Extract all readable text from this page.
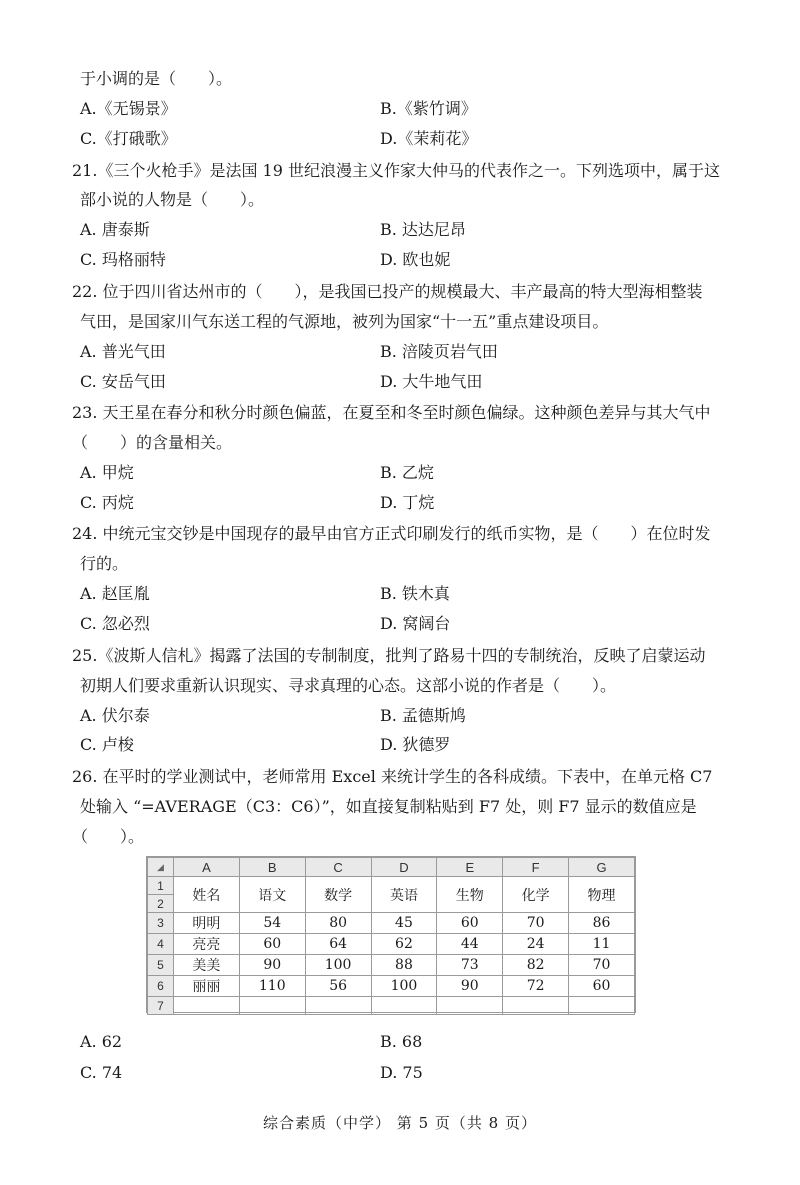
于小调的是（　　）。
A.《无锡景》	B.《紫竹调》
C.《打硪歌》	D.《茉莉花》
21.《三个火枪手》是法国 19 世纪浪漫主义作家大仲马的代表作之一。下列选项中，属于这
部小说的人物是（　　）。
A. 唐泰斯	B. 达达尼昂
C. 玛格丽特	D. 欧也妮
22. 位于四川省达州市的（　　），是我国已投产的规模最大、丰产最高的特大型海相整装
气田，是国家川气东送工程的气源地，被列为国家“十一五”重点建设项目。
A. 普光气田	B. 涪陵页岩气田
C. 安岳气田	D. 大牛地气田
23. 天王星在春分和秋分时颜色偏蓝，在夏至和冬至时颜色偏绿。这种颜色差异与其大气中
（　　）的含量相关。
A. 甲烷	B. 乙烷
C. 丙烷	D. 丁烷
24. 中统元宝交钞是中国现存的最早由官方正式印刷发行的纸币实物，是（　　）在位时发
行的。
A. 赵匡胤	B. 铁木真
C. 忽必烈	D. 窝阔台
25.《波斯人信札》揭露了法国的专制制度，批判了路易十四的专制统治，反映了启蒙运动
初期人们要求重新认识现实、寻求真理的心态。这部小说的作者是（　　）。
A. 伏尔泰	B. 孟德斯鸠
C. 卢梭	D. 狄德罗
26. 在平时的学业测试中，老师常用 Excel 来统计学生的各科成绩。下表中，在单元格 C7
处输入 “=AVERAGE（C3：C6）”，如直接复制粘贴到 F7 处，则 F7 显示的数值应是
（　　）。
◢	A	B	C	D	E	F	G
1	姓名	语文	数学	英语	生物	化学	物理
2							
3	明明	54	80	45	60	70	86
4	亮亮	60	64	62	44	24	11
5	美美	90	100	88	73	82	70
6	丽丽	110	56	100	90	72	60
7							
A. 62	B. 68
C. 74	D. 75
综合素质（中学） 第 5 页（共 8 页）
